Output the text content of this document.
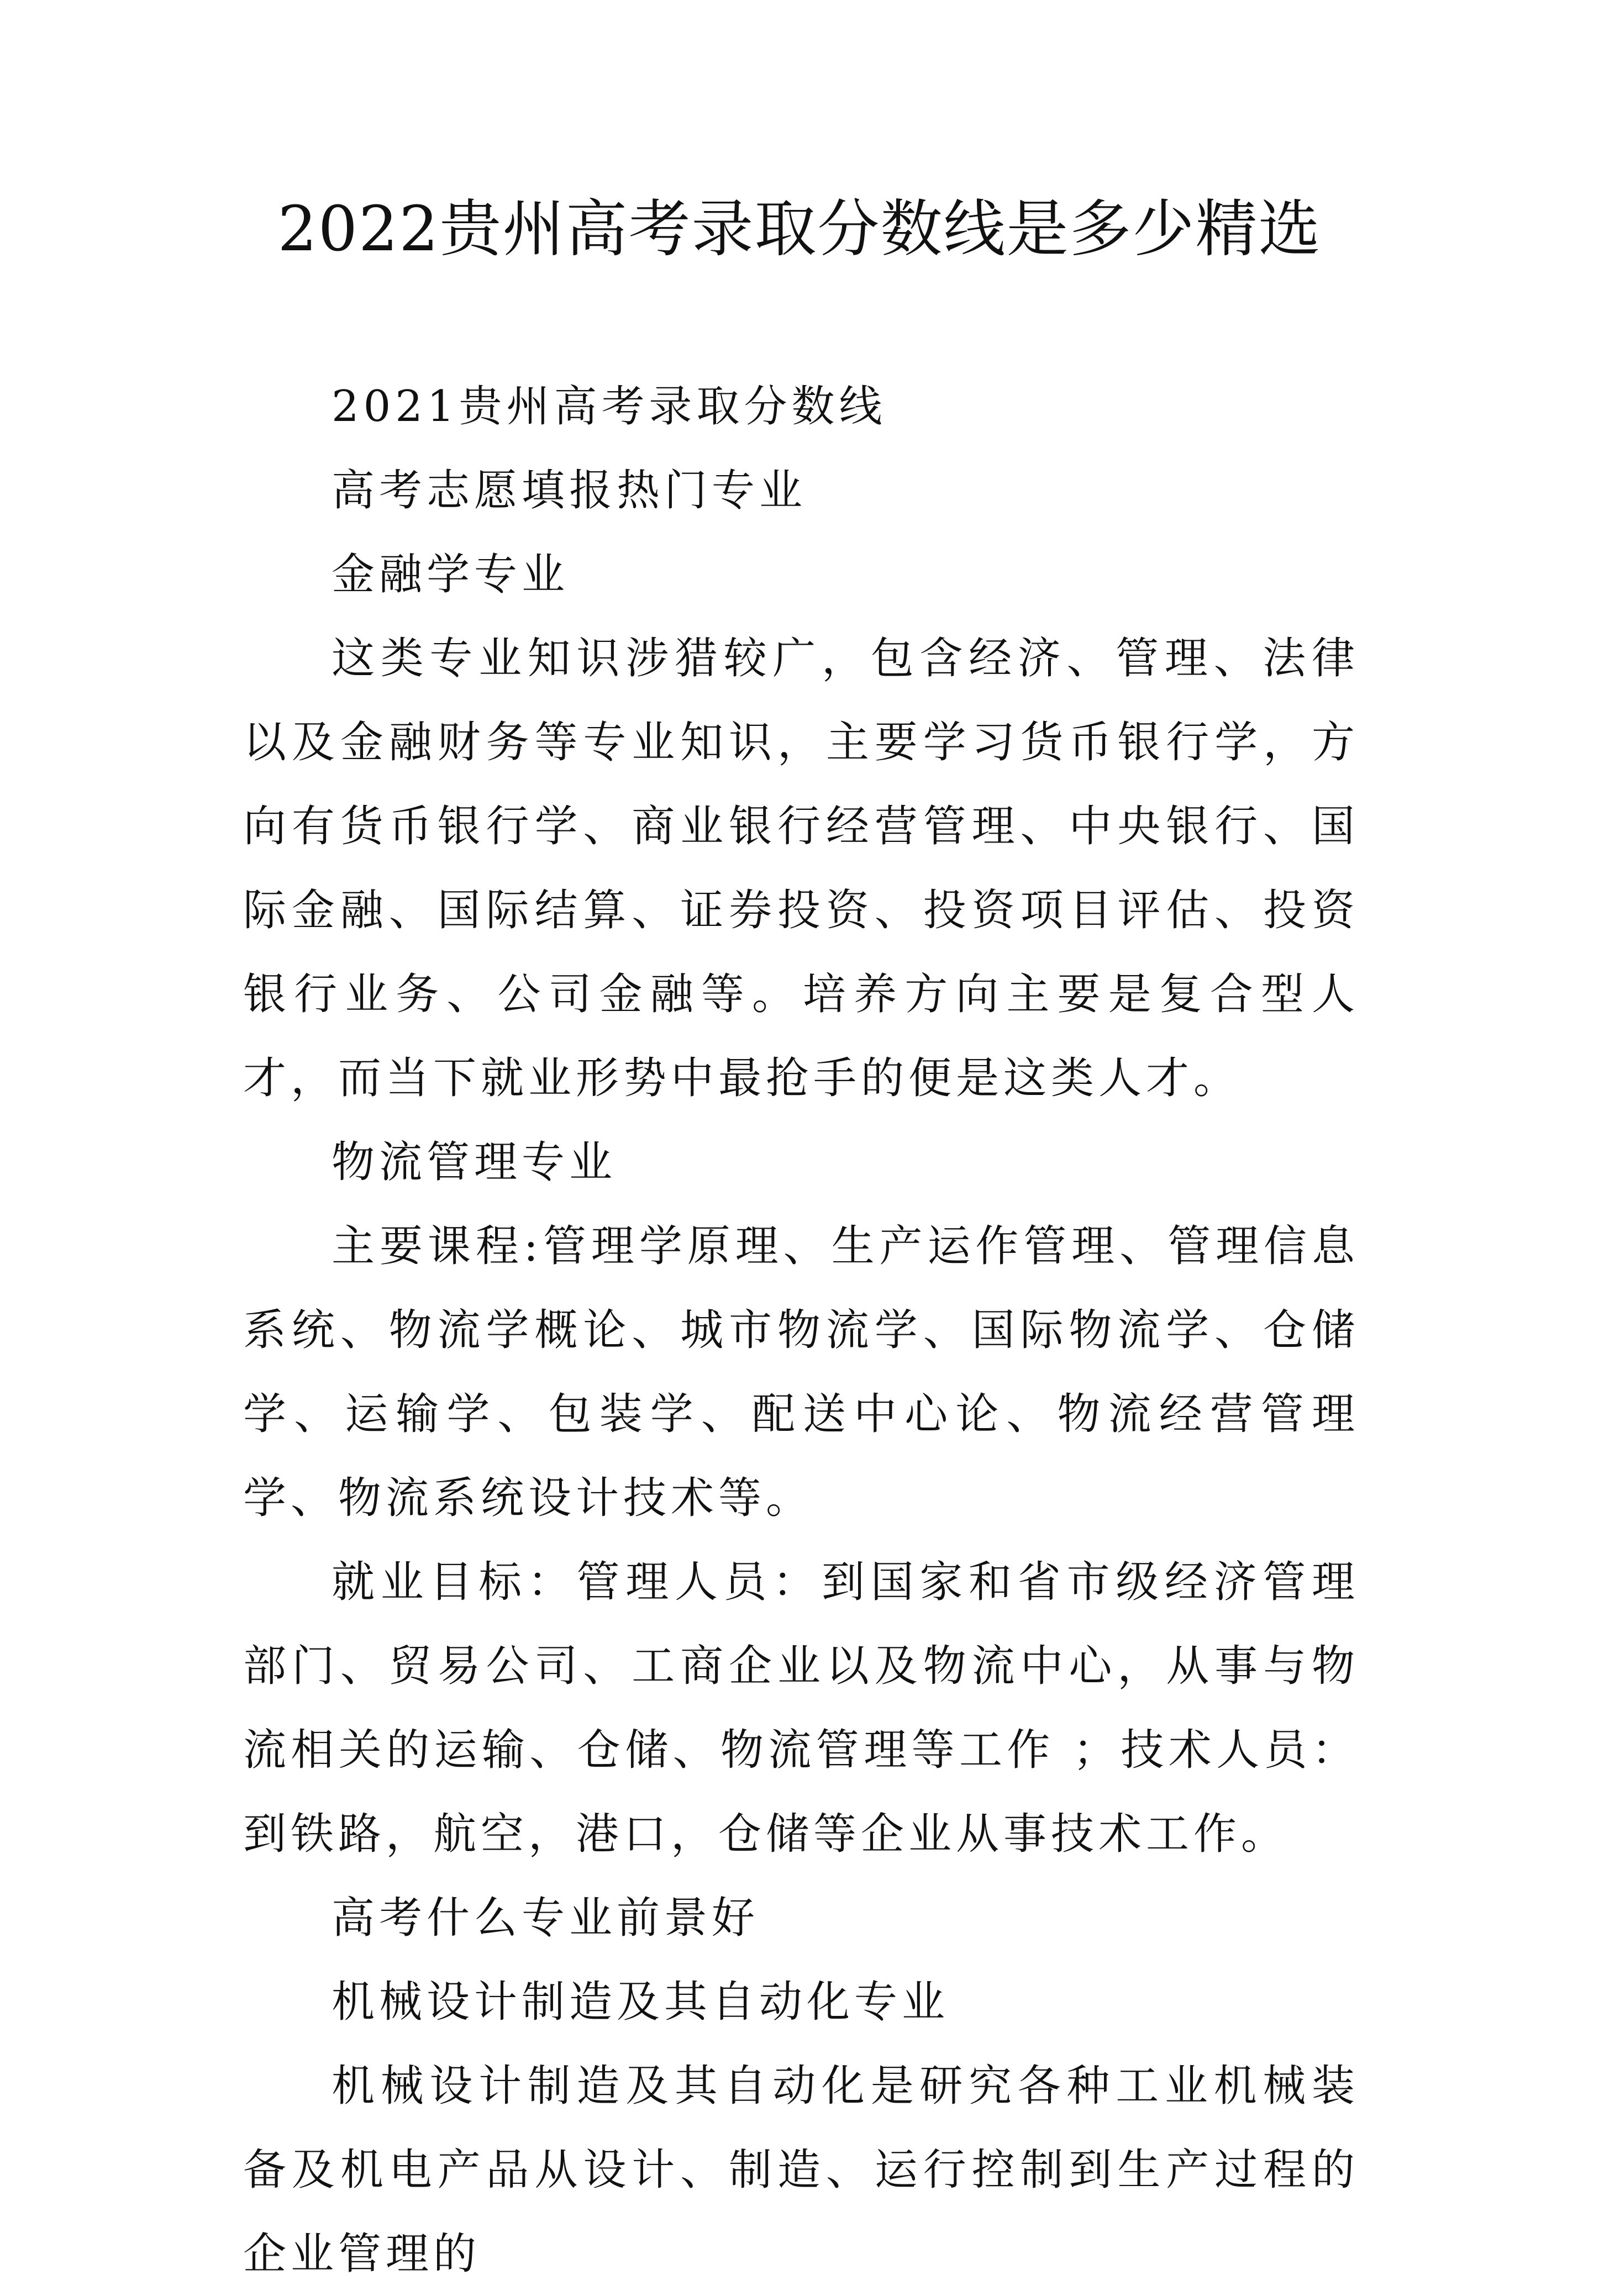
2022贵州高考录取分数线是多少精选

2021贵州高考录取分数线

高考志愿填报热门专业

金融学专业

这类专业知识涉猎较广，包含经济、管理、法律以及金融财务等专业知识，主要学习货币银行学，方向有货币银行学、商业银行经营管理、中央银行、国际金融、国际结算、证券投资、投资项目评估、投资银行业务、公司金融等。培养方向主要是复合型人才，而当下就业形势中最抢手的便是这类人才。

物流管理专业

主要课程:管理学原理、生产运作管理、管理信息系统、物流学概论、城市物流学、国际物流学、仓储学、运输学、包装学、配送中心论、物流经营管理学、物流系统设计技术等。

就业目标：管理人员：到国家和省市级经济管理部门、贸易公司、工商企业以及物流中心，从事与物流相关的运输、仓储、物流管理等工作 ；技术人员：到铁路，航空，港口，仓储等企业从事技术工作。

高考什么专业前景好

机械设计制造及其自动化专业

机械设计制造及其自动化是研究各种工业机械装备及机电产品从设计、制造、运行控制到生产过程的企业管理的
